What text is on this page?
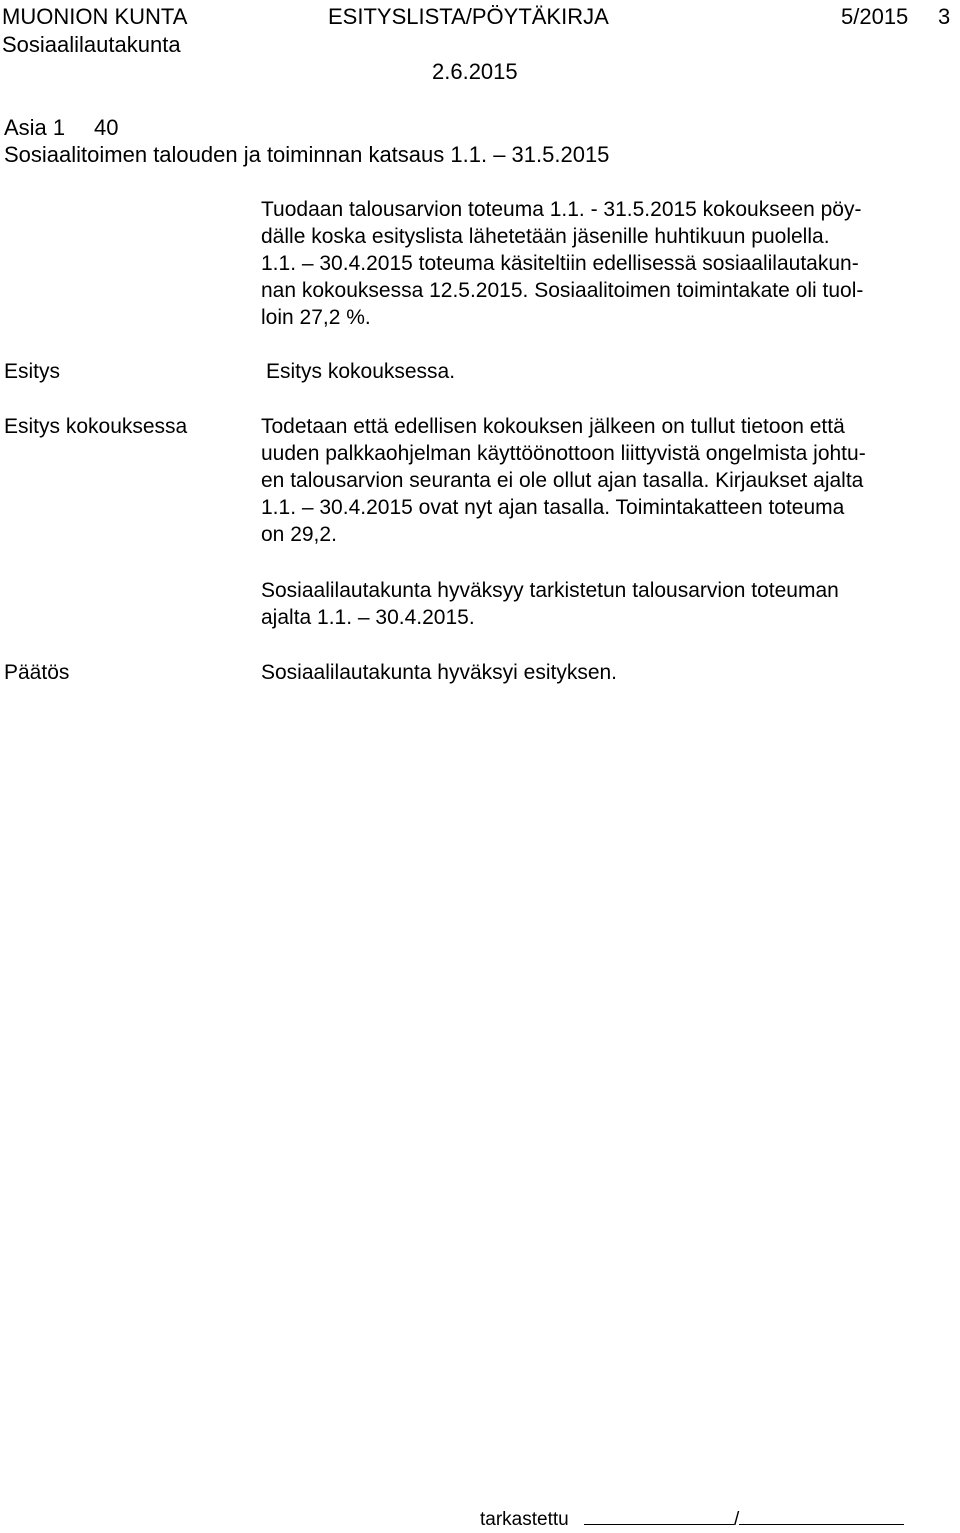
MUONION KUNTA	ESITYSLISTA/PÖYTÄKIRJA	5/2015 3
Sosiaalilautakunta
2.6.2015
Asia 1 40
Sosiaalitoimen talouden ja toiminnan katsaus 1.1. – 31.5.2015
Tuodaan talousarvion toteuma 1.1. - 31.5.2015 kokoukseen pöy-
dälle koska esityslista lähetetään jäsenille huhtikuun puolella.
1.1. – 30.4.2015 toteuma käsiteltiin edellisessä sosiaalilautakun-
nan kokouksessa 12.5.2015. Sosiaalitoimen toimintakate oli tuol-
loin 27,2 %.
Esitys	Esitys kokouksessa.
Esitys kokouksessa	Todetaan että edellisen kokouksen jälkeen on tullut tietoon että
uuden palkkaohjelman käyttöönottoon liittyvistä ongelmista johtu-
en talousarvion seuranta ei ole ollut ajan tasalla. Kirjaukset ajalta
1.1. – 30.4.2015 ovat nyt ajan tasalla. Toimintakatteen toteuma
on 29,2.
Sosiaalilautakunta hyväksyy tarkistetun talousarvion toteuman
ajalta 1.1. – 30.4.2015.
Päätös	Sosiaalilautakunta hyväksyi esityksen.
tarkastettu	/
